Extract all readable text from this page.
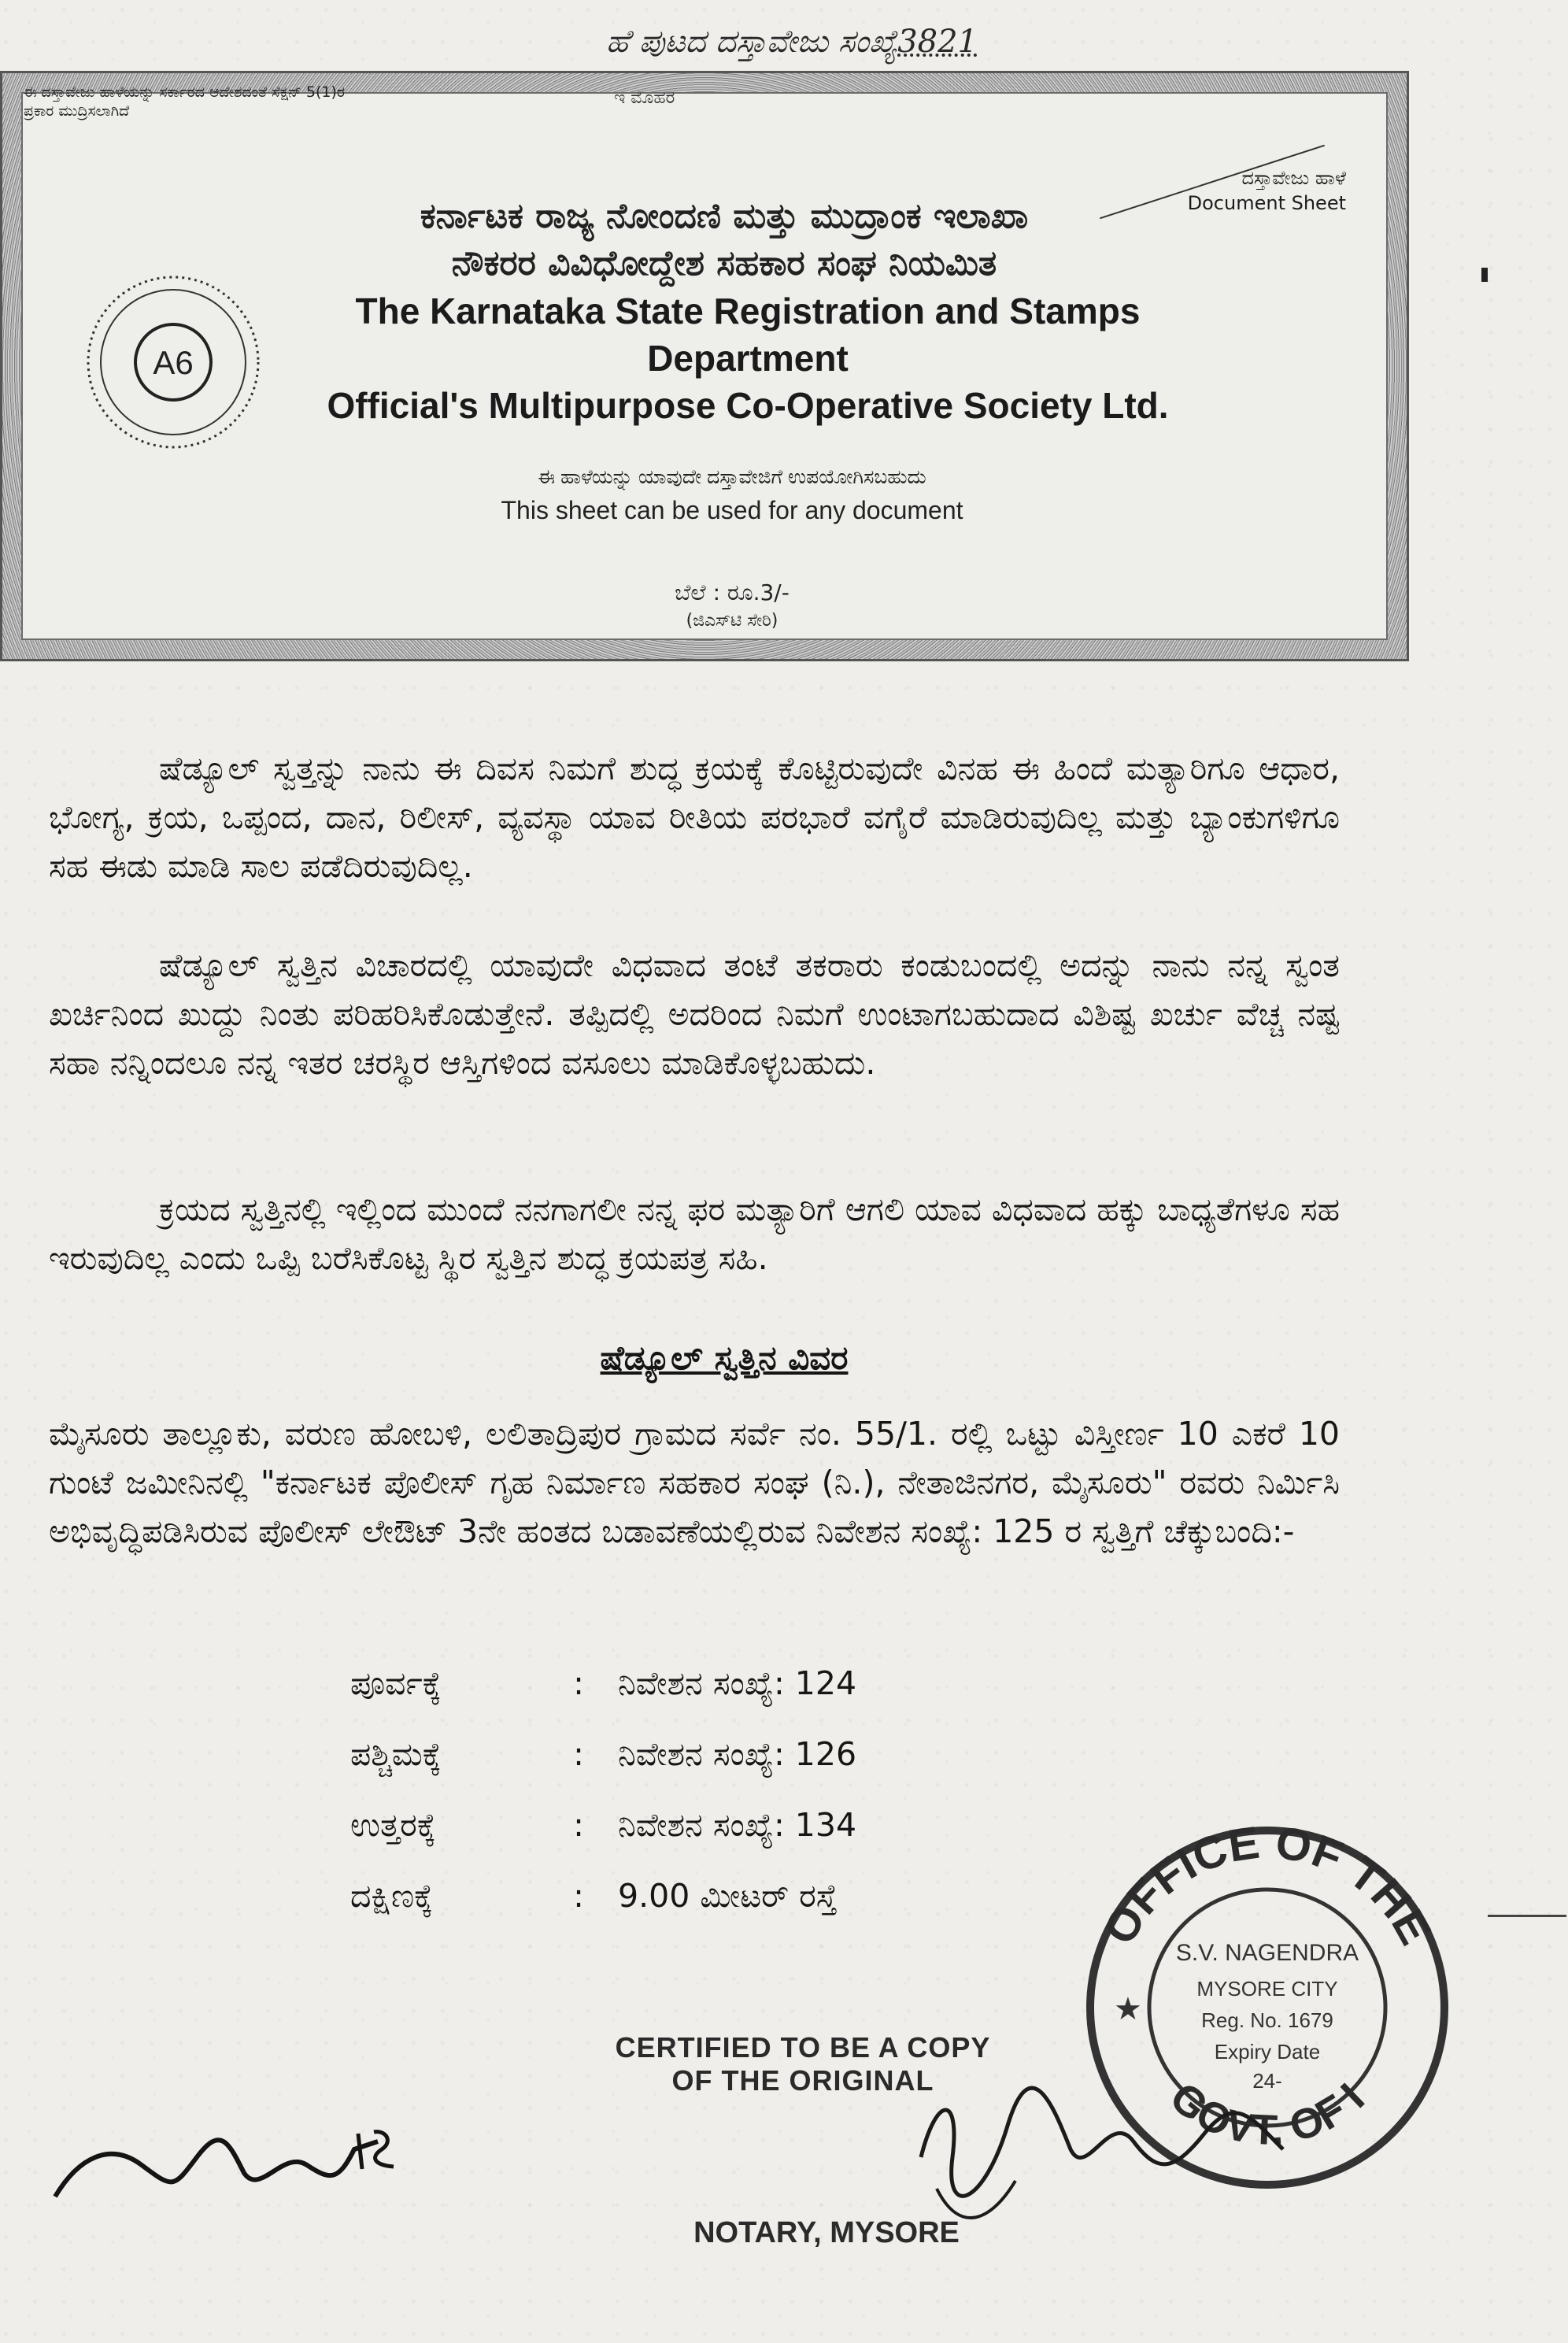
ಹೆ ಪುಟದ ದಸ್ತಾವೇಜು ಸಂಖ್ಯೆ3821
ಇ ಮೊಹರ
ಈ ದಸ್ತಾವೇಜು ಹಾಳೆಯನ್ನು ಸರ್ಕಾರದ ಆದೇಶದಂತೆ ಸೆಕ್ಷನ್ 5(1)ರ ಪ್ರಕಾರ ಮುದ್ರಿಸಲಾಗಿದೆ
ದಸ್ತಾವೇಜು ಹಾಳೆ
Document Sheet
A6
ಕರ್ನಾಟಕ ರಾಜ್ಯ ನೋಂದಣಿ ಮತ್ತು ಮುದ್ರಾಂಕ ಇಲಾಖಾ
ನೌಕರರ ವಿವಿಧೋದ್ದೇಶ ಸಹಕಾರ ಸಂಘ ನಿಯಮಿತ
The Karnataka State Registration and Stamps Department
Official's Multipurpose Co-Operative Society Ltd.
ಈ ಹಾಳೆಯನ್ನು ಯಾವುದೇ ದಸ್ತಾವೇಜಿಗೆ ಉಪಯೋಗಿಸಬಹುದು
This sheet can be used for any document
ಬೆಲೆ : ರೂ.3/-
(ಜಿಎಸ್‌ಟಿ ಸೇರಿ)
ಷೆಡ್ಯೂಲ್ ಸ್ವತ್ತನ್ನು ನಾನು ಈ ದಿವಸ ನಿಮಗೆ ಶುದ್ಧ ಕ್ರಯಕ್ಕೆ ಕೊಟ್ಟಿರುವುದೇ ವಿನಹ ಈ ಹಿಂದೆ ಮತ್ಯಾರಿಗೂ ಆಧಾರ, ಭೋಗ್ಯ, ಕ್ರಯ, ಒಪ್ಪಂದ, ದಾನ, ರಿಲೀಸ್, ವ್ಯವಸ್ಥಾ ಯಾವ ರೀತಿಯ ಪರಭಾರೆ ವಗೈರೆ ಮಾಡಿರುವುದಿಲ್ಲ ಮತ್ತು ಬ್ಯಾಂಕುಗಳಿಗೂ ಸಹ ಈಡು ಮಾಡಿ ಸಾಲ ಪಡೆದಿರುವುದಿಲ್ಲ.
ಷೆಡ್ಯೂಲ್ ಸ್ವತ್ತಿನ ವಿಚಾರದಲ್ಲಿ ಯಾವುದೇ ವಿಧವಾದ ತಂಟೆ ತಕರಾರು ಕಂಡುಬಂದಲ್ಲಿ ಅದನ್ನು ನಾನು ನನ್ನ ಸ್ವಂತ ಖರ್ಚಿನಿಂದ ಖುದ್ದು ನಿಂತು ಪರಿಹರಿಸಿಕೊಡುತ್ತೇನೆ. ತಪ್ಪಿದಲ್ಲಿ ಅದರಿಂದ ನಿಮಗೆ ಉಂಟಾಗಬಹುದಾದ ವಿಶಿಷ್ಟ ಖರ್ಚು ವೆಚ್ಚ ನಷ್ಟ ಸಹಾ ನನ್ನಿಂದಲೂ ನನ್ನ ಇತರ ಚರಸ್ಥಿರ ಆಸ್ತಿಗಳಿಂದ ವಸೂಲು ಮಾಡಿಕೊಳ್ಳಬಹುದು.
ಕ್ರಯದ ಸ್ವತ್ತಿನಲ್ಲಿ ಇಲ್ಲಿಂದ ಮುಂದೆ ನನಗಾಗಲೀ ನನ್ನ ಫರ ಮತ್ಯಾರಿಗೆ ಆಗಲಿ ಯಾವ ವಿಧವಾದ ಹಕ್ಕು ಬಾಧ್ಯತೆಗಳೂ ಸಹ ಇರುವುದಿಲ್ಲ ಎಂದು ಒಪ್ಪಿ ಬರೆಸಿಕೊಟ್ಟ ಸ್ಥಿರ ಸ್ವತ್ತಿನ ಶುದ್ಧ ಕ್ರಯಪತ್ರ ಸಹಿ.
ಷೆಡ್ಯೂಲ್ ಸ್ವತ್ತಿನ ವಿವರ
ಮೈಸೂರು ತಾಲ್ಲೂಕು, ವರುಣ ಹೋಬಳಿ, ಲಲಿತಾದ್ರಿಪುರ ಗ್ರಾಮದ ಸರ್ವೆ ನಂ. 55/1. ರಲ್ಲಿ ಒಟ್ಟು ವಿಸ್ತೀರ್ಣ 10 ಎಕರೆ 10 ಗುಂಟೆ ಜಮೀನಿನಲ್ಲಿ "ಕರ್ನಾಟಕ ಪೊಲೀಸ್ ಗೃಹ ನಿರ್ಮಾಣ ಸಹಕಾರ ಸಂಘ (ನಿ.), ನೇತಾಜಿನಗರ, ಮೈಸೂರು" ರವರು ನಿರ್ಮಿಸಿ ಅಭಿವೃದ್ಧಿಪಡಿಸಿರುವ ಪೊಲೀಸ್ ಲೇಔಟ್ 3ನೇ ಹಂತದ ಬಡಾವಣೆಯಲ್ಲಿರುವ ನಿವೇಶನ ಸಂಖ್ಯೆ: 125 ರ ಸ್ವತ್ತಿಗೆ ಚೆಕ್ಕುಬಂದಿ:-
ಪೂರ್ವಕ್ಕೆ	: ನಿವೇಶನ ಸಂಖ್ಯೆ: 124
ಪಶ್ಚಿಮಕ್ಕೆ	: ನಿವೇಶನ ಸಂಖ್ಯೆ: 126
ಉತ್ತರಕ್ಕೆ	: ನಿವೇಶನ ಸಂಖ್ಯೆ: 134
ದಕ್ಷಿಣಕ್ಕೆ	: 9.00 ಮೀಟರ್ ರಸ್ತೆ
OFFICE OF THE
GOVT. OF I
S.V. NAGENDRA
MYSORE CITY
Reg. No. 1679
Expiry Date
24-
★
CERTIFIED TO BE A COPY
OF THE ORIGINAL
NOTARY, MYSORE
